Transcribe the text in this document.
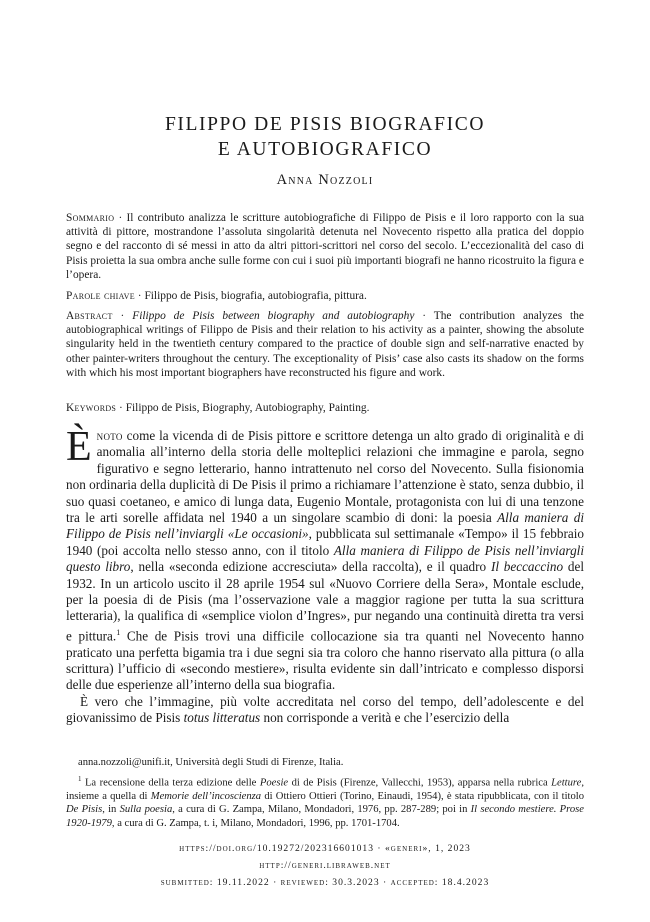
FILIPPO DE PISIS BIOGRAFICO
E AUTOBIOGRAFICO
Anna Nozzoli
Sommario · Il contributo analizza le scritture autobiografiche di Filippo de Pisis e il loro rapporto con la sua attività di pittore, mostrandone l’assoluta singolarità detenuta nel Novecento rispetto alla pratica del doppio segno e del racconto di sé messi in atto da altri pittori-scrittori nel corso del secolo. L’eccezionalità del caso di Pisis proietta la sua ombra anche sulle forme con cui i suoi più importanti biografi ne hanno ricostruito la figura e l’opera.
Parole chiave · Filippo de Pisis, biografia, autobiografia, pittura.
Abstract · Filippo de Pisis between biography and autobiography · The contribution analyzes the autobiographical writings of Filippo de Pisis and their relation to his activity as a painter, showing the absolute singularity held in the twentieth century compared to the practice of double sign and self-narrative enacted by other painter-writers throughout the century. The exceptionality of Pisis’ case also casts its shadow on the forms with which his most important biographers have reconstructed his figure and work.
Keywords · Filippo de Pisis, Biography, Autobiography, Painting.

Ènoto come la vicenda di de Pisis pittore e scrittore detenga un alto grado di originalità e di anomalia all’interno della storia delle molteplici relazioni che immagine e parola, segno figurativo e segno letterario, hanno intrattenuto nel corso del Novecento. Sulla fisionomia non ordinaria della duplicità di De Pisis il primo a richiamare l’attenzione è stato, senza dubbio, il suo quasi coetaneo, e amico di lunga data, Eugenio Montale, protagonista con lui di una tenzone tra le arti sorelle affidata nel 1940 a un singolare scambio di doni: la poesia Alla maniera di Filippo de Pisis nell’inviargli «Le occasioni», pubblicata sul settimanale «Tempo» il 15 febbraio 1940 (poi accolta nello stesso anno, con il titolo Alla maniera di Filippo de Pisis nell’inviargli questo libro, nella «seconda edizione accresciuta» della raccolta), e il quadro Il beccaccino del 1932. In un articolo uscito il 28 aprile 1954 sul «Nuovo Corriere della Sera», Montale esclude, per la poesia di de Pisis (ma l’osservazione vale a maggior ragione per tutta la sua scrittura letteraria), la qualifica di «semplice violon d’Ingres», pur negando una continuità diretta tra versi e pittura.$^1$ Che de Pisis trovi una difficile collocazione sia tra quanti nel Novecento hanno praticato una perfetta bigamia tra i due segni sia tra coloro che hanno riservato alla pittura (o alla scrittura) l’ufficio di «secondo mestiere», risulta evidente sin dall’intricato e complesso disporsi delle due esperienze all’interno della sua biografia.

È vero che l’immagine, più volte accreditata nel corso del tempo, dell’adolescente e del giovanissimo de Pisis totus litteratus non corrisponde a verità e che l’esercizio della

anna.nozzoli@unifi.it, Università degli Studi di Firenze, Italia.
$^1$ La recensione della terza edizione delle Poesie di de Pisis (Firenze, Vallecchi, 1953), apparsa nella rubrica Letture, insieme a quella di Memorie dell’incoscienza di Ottiero Ottieri (Torino, Einaudi, 1954), è stata ripubblicata, con il titolo De Pisis, in Sulla poesia, a cura di G. Zampa, Milano, Mondadori, 1976, pp. 287-289; poi in Il secondo mestiere. Prose 1920-1979, a cura di G. Zampa, t. i, Milano, Mondadori, 1996, pp. 1701-1704.
https://doi.org/10.19272/202316601013 · «generi», 1, 2023
http://generi.libraweb.net
submitted: 19.11.2022 · reviewed: 30.3.2023 · accepted: 18.4.2023
